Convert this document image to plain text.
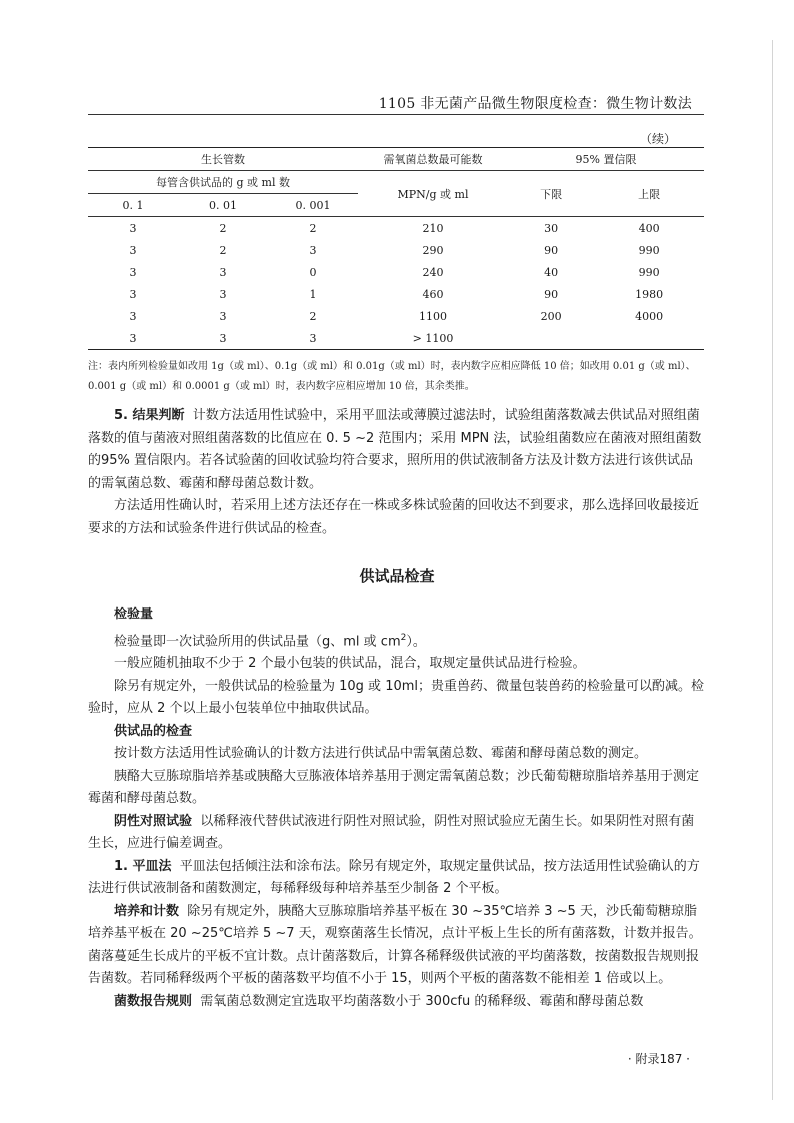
1105 非无菌产品微生物限度检查：微生物计数法
（续）
生长管数			需氧菌总数最可能数	95% 置信限	
每管含供试品的 g 或 ml 数			MPN/g 或 ml	下限	上限
0. 1	0. 01	0. 001			
3	2	2	210	30	400
3	2	3	290	90	990
3	3	0	240	40	990
3	3	1	460	90	1980
3	3	2	1100	200	4000
3	3	3	> 1100		
注：表内所列检验量如改用 1g（或 ml）、0.1g（或 ml）和 0.01g（或 ml）时，表内数字应相应降低 10 倍；如改用 0.01 g（或 ml）、0.001 g（或 ml）和 0.0001 g（或 ml）时，表内数字应相应增加 10 倍，其余类推。

5. 结果判断 计数方法适用性试验中，采用平皿法或薄膜过滤法时，试验组菌落数减去供试品对照组菌落数的值与菌液对照组菌落数的比值应在 0. 5 ~2 范围内；采用 MPN 法，试验组菌数应在菌液对照组菌数的95% 置信限内。若各试验菌的回收试验均符合要求，照所用的供试液制备方法及计数方法进行该供试品的需氧菌总数、霉菌和酵母菌总数计数。

方法适用性确认时，若采用上述方法还存在一株或多株试验菌的回收达不到要求，那么选择回收最接近要求的方法和试验条件进行供试品的检查。

供试品检查

检验量

检验量即一次试验所用的供试品量（g、ml 或 $cm^2$）。

一般应随机抽取不少于 2 个最小包装的供试品，混合，取规定量供试品进行检验。

除另有规定外，一般供试品的检验量为 10g 或 10ml；贵重兽药、微量包装兽药的检验量可以酌减。检验时，应从 2 个以上最小包装单位中抽取供试品。

供试品的检查

按计数方法适用性试验确认的计数方法进行供试品中需氧菌总数、霉菌和酵母菌总数的测定。

胰酪大豆胨琼脂培养基或胰酪大豆胨液体培养基用于测定需氧菌总数；沙氏葡萄糖琼脂培养基用于测定霉菌和酵母菌总数。

阴性对照试验 以稀释液代替供试液进行阴性对照试验，阴性对照试验应无菌生长。如果阴性对照有菌生长，应进行偏差调查。

1. 平皿法 平皿法包括倾注法和涂布法。除另有规定外，取规定量供试品，按方法适用性试验确认的方法进行供试液制备和菌数测定，每稀释级每种培养基至少制备 2 个平板。

培养和计数 除另有规定外，胰酪大豆胨琼脂培养基平板在 30 ~35℃培养 3 ~5 天，沙氏葡萄糖琼脂培养基平板在 20 ~25℃培养 5 ~7 天，观察菌落生长情况，点计平板上生长的所有菌落数，计数并报告。菌落蔓延生长成片的平板不宜计数。点计菌落数后，计算各稀释级供试液的平均菌落数，按菌数报告规则报告菌数。若同稀释级两个平板的菌落数平均值不小于 15，则两个平板的菌落数不能相差 1 倍或以上。

菌数报告规则 需氧菌总数测定宜选取平均菌落数小于 300cfu 的稀释级、霉菌和酵母菌总数

· 附录187 ·
